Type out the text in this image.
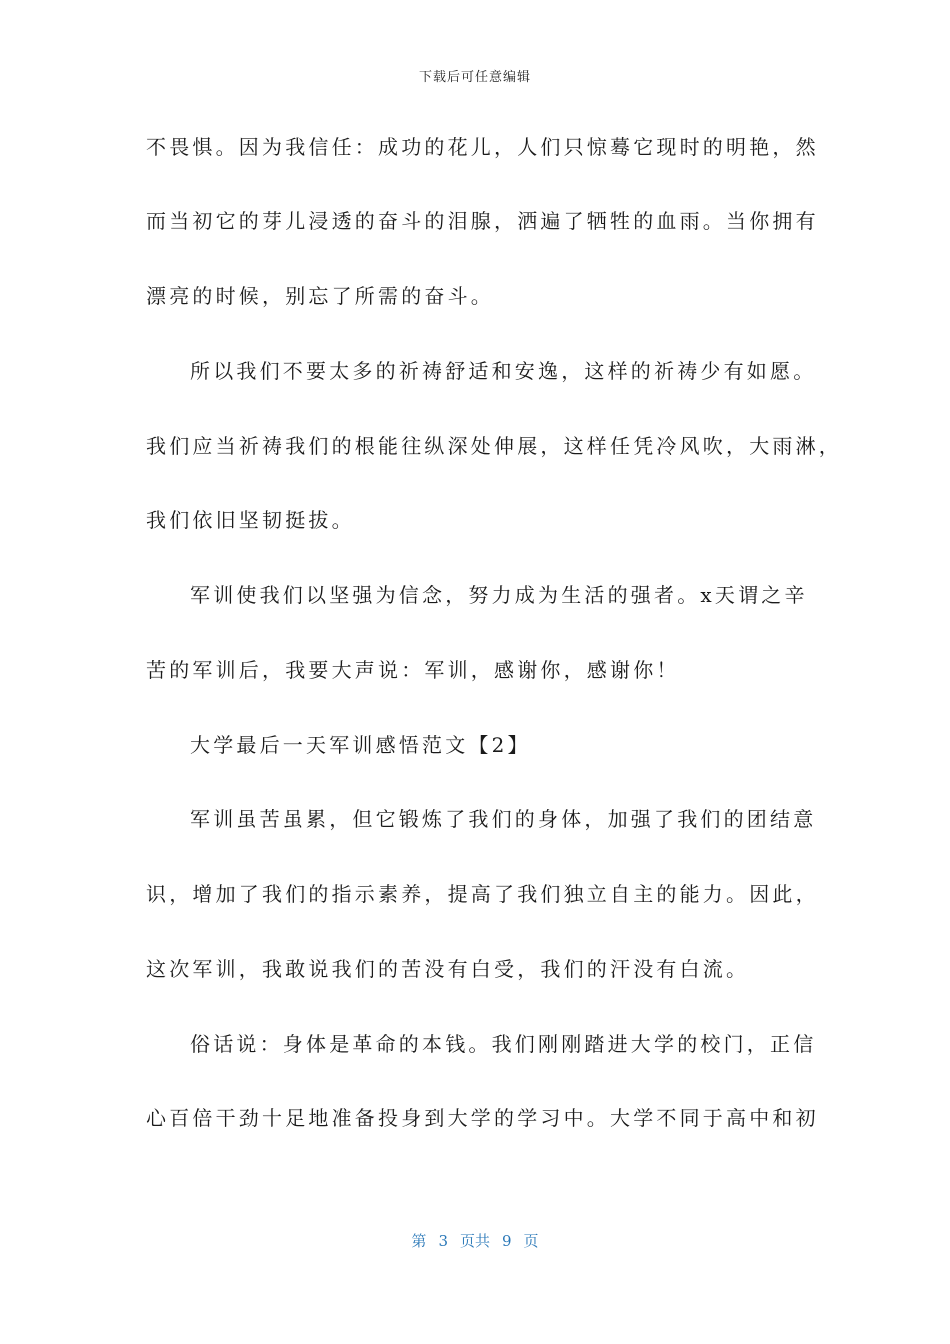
下载后可任意编辑
不畏惧。因为我信任：成功的花儿，人们只惊蓦它现时的明艳，然
而当初它的芽儿浸透的奋斗的泪腺，洒遍了牺牲的血雨。当你拥有
漂亮的时候，别忘了所需的奋斗。
所以我们不要太多的祈祷舒适和安逸，这样的祈祷少有如愿。
我们应当祈祷我们的根能往纵深处伸展，这样任凭冷风吹，大雨淋，
我们依旧坚韧挺拔。
军训使我们以坚强为信念，努力成为生活的强者。x天谓之辛
苦的军训后，我要大声说：军训，感谢你，感谢你！
大学最后一天军训感悟范文【2】
军训虽苦虽累，但它锻炼了我们的身体，加强了我们的团结意
识，增加了我们的指示素养，提高了我们独立自主的能力。因此，
这次军训，我敢说我们的苦没有白受，我们的汗没有白流。
俗话说：身体是革命的本钱。我们刚刚踏进大学的校门，正信
心百倍干劲十足地准备投身到大学的学习中。大学不同于高中和初
第 3 页共 9 页
